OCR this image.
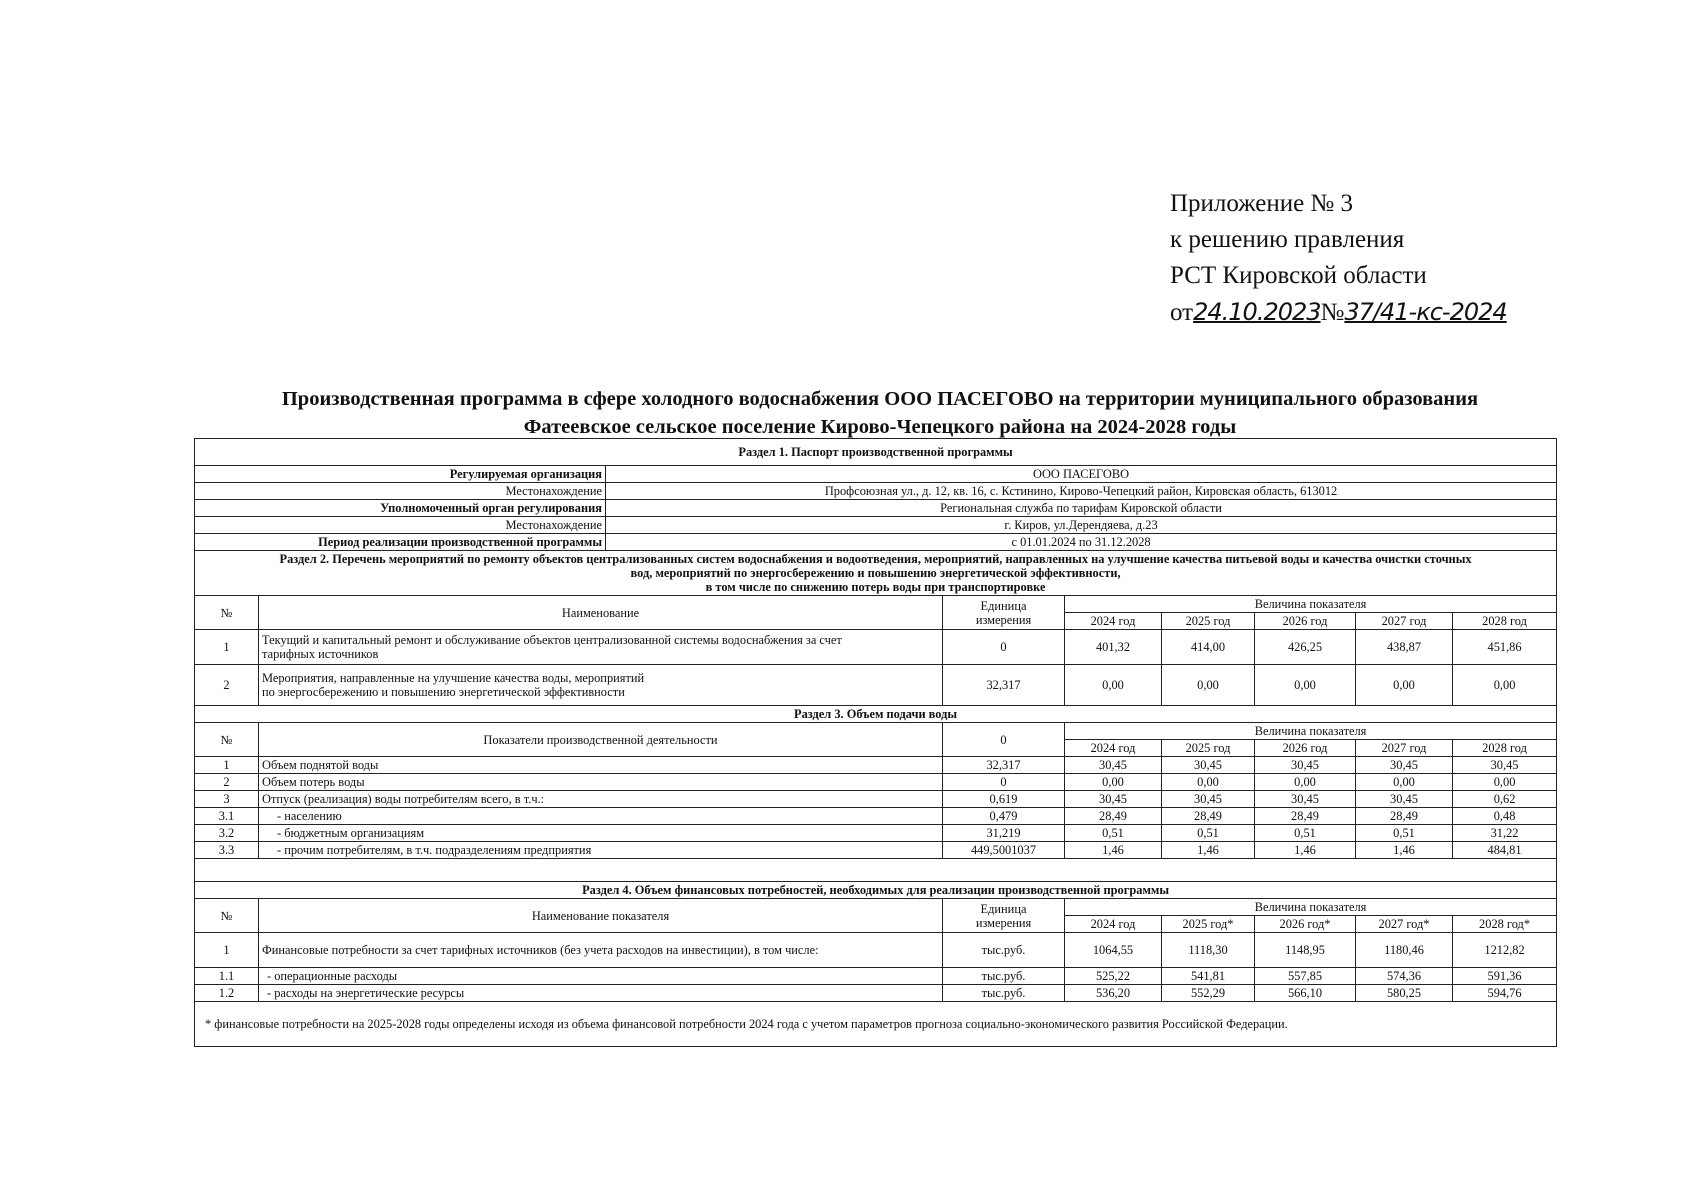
Приложение № 3
к решению правления
РСТ Кировской области
от24.10.2023№37/41-кс-2024
Производственная программа в сфере холодного водоснабжения ООО ПАСЕГОВО на территории муниципального образования
Фатеевское сельское поселение Кирово-Чепецкого района на 2024-2028 годы
Раздел 1. Паспорт производственной программы								
Регулируемая организация		ООО ПАСЕГОВО						
Местонахождение		Профсоюзная ул., д. 12, кв. 16, с. Кстинино, Кирово-Чепецкий район, Кировская область, 613012						
Уполномоченный орган регулирования		Региональная служба по тарифам Кировской области						
Местонахождение		г. Киров, ул.Дерендяева, д.23						
Период реализации производственной программы		с 01.01.2024 по 31.12.2028						

Раздел 2. Перечень мероприятий по ремонту объектов централизованных систем водоснабжения и водоотведения, мероприятий, направленных на улучшение качества питьевой воды и качества очистки сточных
вод, мероприятий по энергосбережению и повышению энергетической эффективности,
в том числе по снижению потерь воды при транспортировке								

№	Наименование		Единица
измерения	Величина показателя				
				2024 год	2025 год	2026 год	2027 год	2028 год
1	Текущий и капитальный ремонт и обслуживание объектов централизованной системы водоснабжения за счет
тарифных источников		0	401,32	414,00	426,25	438,87	451,86
2	Мероприятия, направленные на улучшение качества воды, мероприятий
по энергосбережению и повышению энергетической эффективности		32,317	0,00	0,00	0,00	0,00	0,00
Раздел 3. Объем подачи воды								
№	Показатели производственной деятельности		0	Величина показателя				
				2024 год	2025 год	2026 год	2027 год	2028 год
1	Объем поднятой воды		32,317	30,45	30,45	30,45	30,45	30,45
2	Объем потерь воды		0	0,00	0,00	0,00	0,00	0,00
3	Отпуск (реализация) воды потребителям всего, в т.ч.:		0,619	30,45	30,45	30,45	30,45	0,62
3.1	- населению		0,479	28,49	28,49	28,49	28,49	0,48
3.2	- бюджетным организациям		31,219	0,51	0,51	0,51	0,51	31,22
3.3	- прочим потребителям, в т.ч. подразделениям предприятия		449,5001037	1,46	1,46	1,46	1,46	484,81

Раздел 4. Объем финансовых потребностей, необходимых для реализации производственной программы								
№	Наименование показателя		Единица
измерения	Величина показателя				
				2024 год	2025 год*	2026 год*	2027 год*	2028 год*
1	Финансовые потребности за счет тарифных источников (без учета расходов на инвестиции), в том числе:		тыс.руб.	1064,55	1118,30	1148,95	1180,46	1212,82
1.1	- операционные расходы		тыс.руб.	525,22	541,81	557,85	574,36	591,36
1.2	- расходы на энергетические ресурсы		тыс.руб.	536,20	552,29	566,10	580,25	594,76
* финансовые потребности на 2025-2028 годы определены исходя из объема финансовой потребности 2024 года с учетом параметров прогноза социально-экономического развития Российской Федерации.								
